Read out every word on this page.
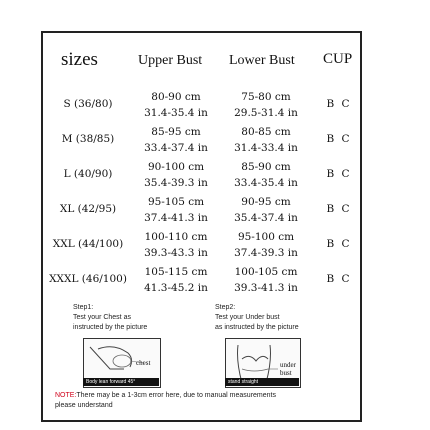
sizes	Upper Bust Lower Bust CUP
S (36/80)
80-90 cm
31.4-35.4 in
75-80 cm
29.5-31.4 in
B C
M (38/85)
85-95 cm
33.4-37.4 in
80-85 cm
31.4-33.4 in
B C
L (40/90)
90-100 cm
35.4-39.3 in
85-90 cm
33.4-35.4 in
B C
XL (42/95)
95-105 cm
37.4-41.3 in
90-95 cm
35.4-37.4 in
B C
XXL (44/100)
100-110 cm
39.3-43.3 in
95-100 cm
37.4-39.3 in
B C
XXXL (46/100)
105-115 cm
41.3-45.2 in
100-105 cm
39.3-41.3 in
B C
Step1:
Test your Chest as
instructed by the picture
chest
Body lean forward 45°
Step2:
Test your Under bust
as instructed by the picture
under
bust
stand straight
NOTE:There may be a 1-3cm error here, due to manual measurements
please understand
